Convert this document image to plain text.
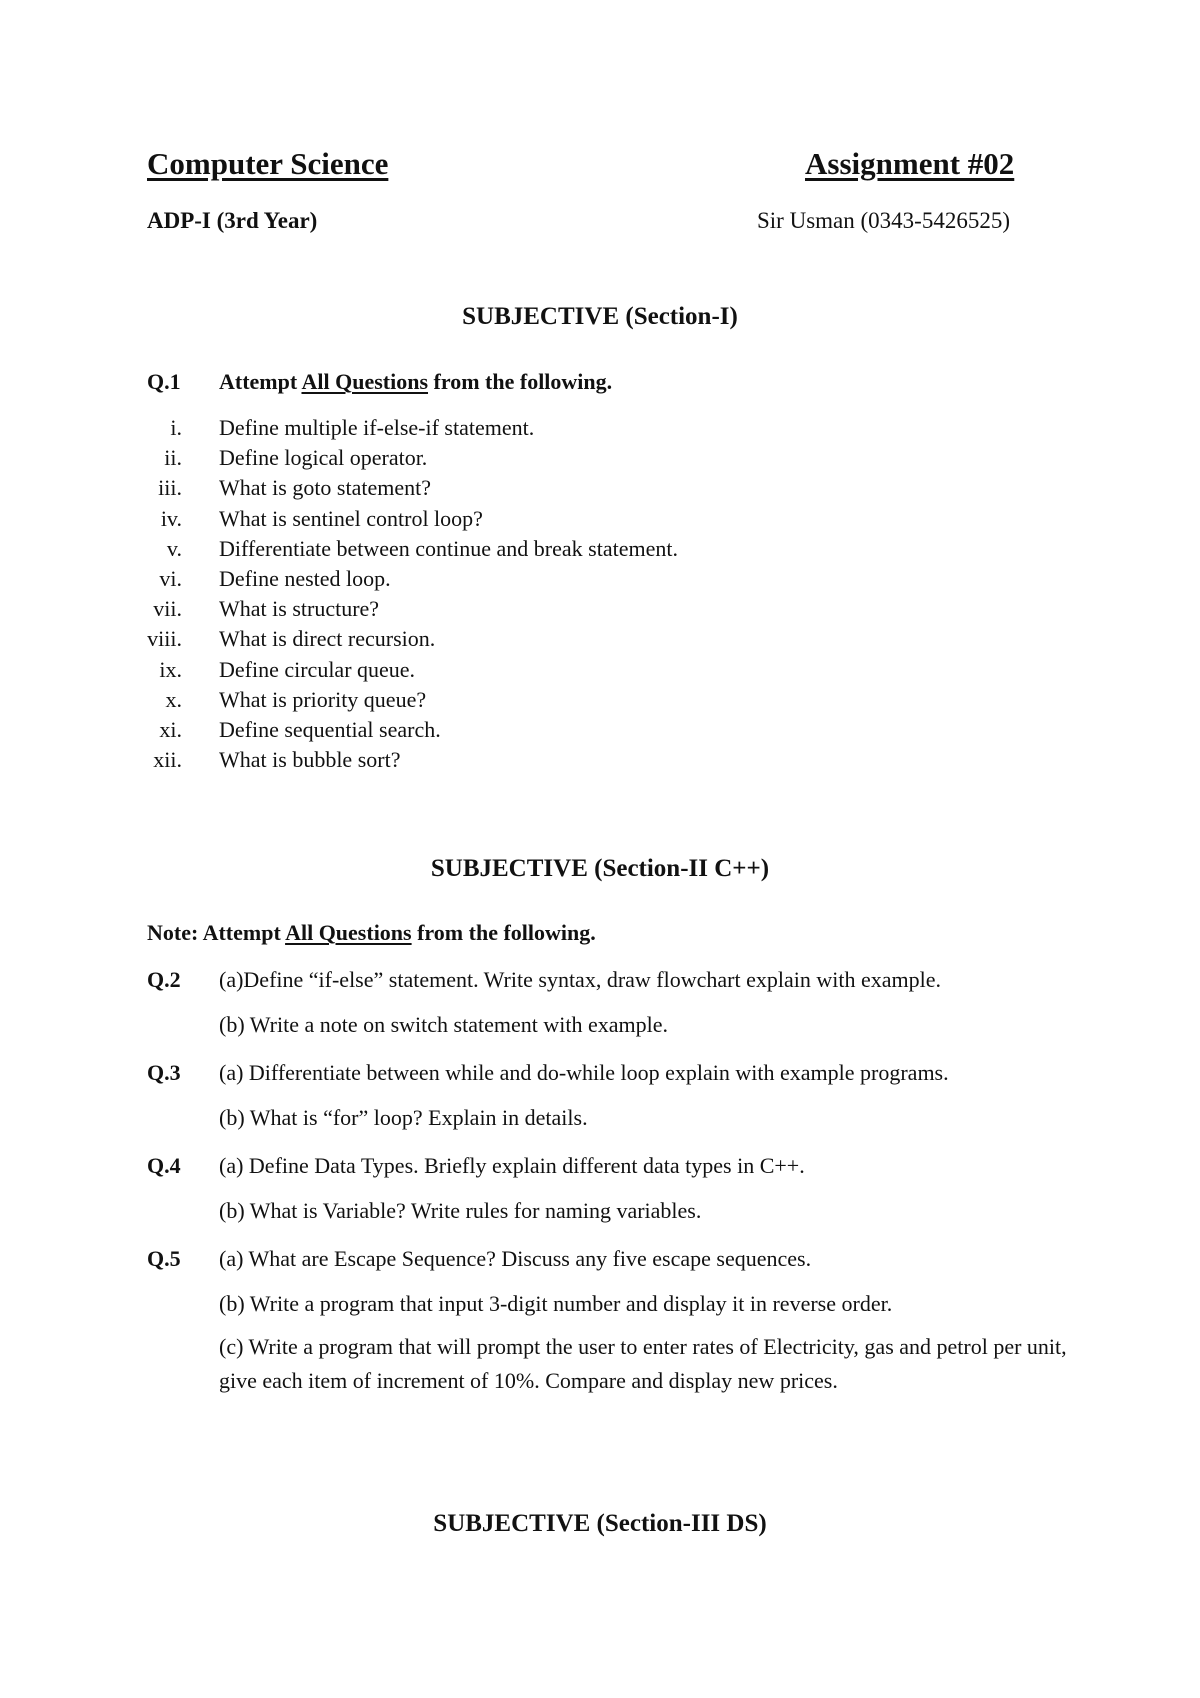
Computer Science	Assignment #02
ADP-I (3rd Year)	Sir Usman (0343-5426525)
SUBJECTIVE (Section-I)
Q.1 Attempt All Questions from the following.
i. Define multiple if-else-if statement.
ii. Define logical operator.
iii. What is goto statement?
iv. What is sentinel control loop?
v. Differentiate between continue and break statement.
vi. Define nested loop.
vii. What is structure?
viii. What is direct recursion.
ix. Define circular queue.
x. What is priority queue?
xi. Define sequential search.
xii. What is bubble sort?
SUBJECTIVE (Section-II C++)
Note: Attempt All Questions from the following.
Q.2 (a)Define “if-else” statement. Write syntax, draw flowchart explain with example.
(b) Write a note on switch statement with example.
Q.3 (a) Differentiate between while and do-while loop explain with example programs.
(b) What is “for” loop? Explain in details.
Q.4 (a) Define Data Types. Briefly explain different data types in C++.
(b) What is Variable? Write rules for naming variables.
Q.5 (a) What are Escape Sequence? Discuss any five escape sequences.
(b) Write a program that input 3-digit number and display it in reverse order.
(c) Write a program that will prompt the user to enter rates of Electricity, gas and petrol per unit, give each item of increment of 10%. Compare and display new prices.
SUBJECTIVE (Section-III DS)
